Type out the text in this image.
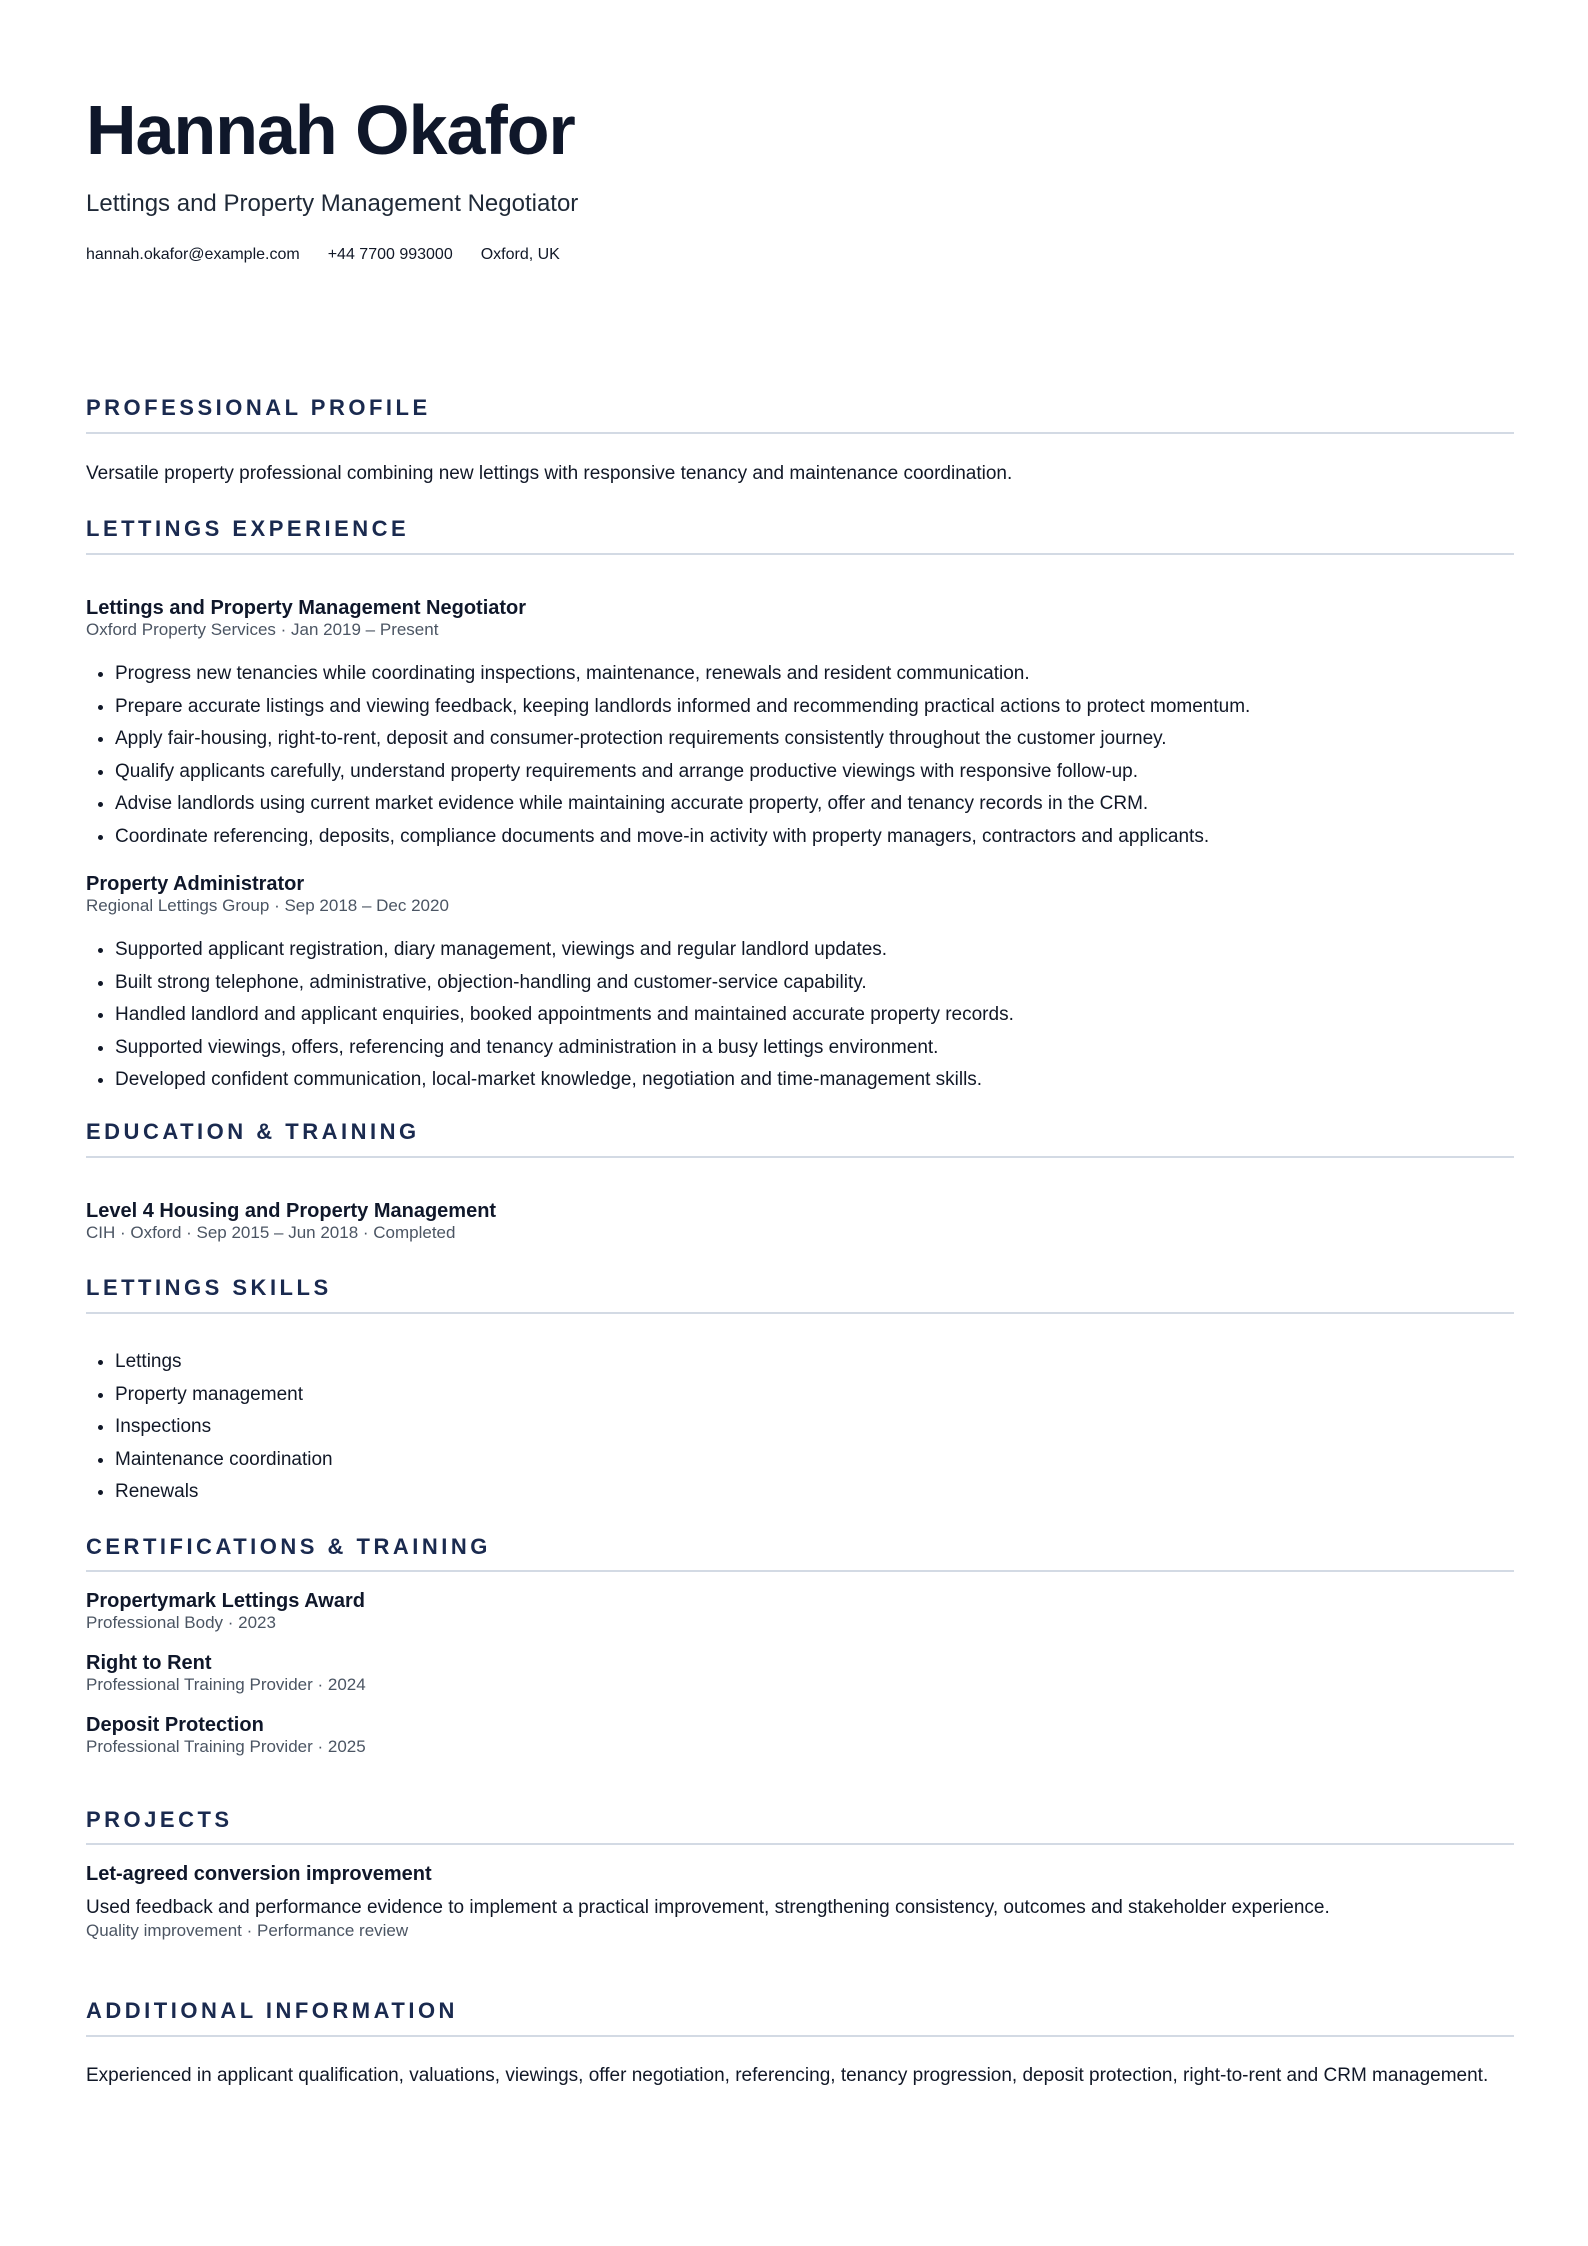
Hannah Okafor
Lettings and Property Management Negotiator
hannah.okafor@example.com +44 7700 993000 Oxford, UK
PROFESSIONAL PROFILE
Versatile property professional combining new lettings with responsive tenancy and maintenance coordination.
LETTINGS EXPERIENCE
Lettings and Property Management Negotiator
Oxford Property Services · Jan 2019 – Present
• Progress new tenancies while coordinating inspections, maintenance, renewals and resident communication.
• Prepare accurate listings and viewing feedback, keeping landlords informed and recommending practical actions to protect momentum.
• Apply fair-housing, right-to-rent, deposit and consumer-protection requirements consistently throughout the customer journey.
• Qualify applicants carefully, understand property requirements and arrange productive viewings with responsive follow-up.
• Advise landlords using current market evidence while maintaining accurate property, offer and tenancy records in the CRM.
• Coordinate referencing, deposits, compliance documents and move-in activity with property managers, contractors and applicants.
Property Administrator
Regional Lettings Group · Sep 2018 – Dec 2020
• Supported applicant registration, diary management, viewings and regular landlord updates.
• Built strong telephone, administrative, objection-handling and customer-service capability.
• Handled landlord and applicant enquiries, booked appointments and maintained accurate property records.
• Supported viewings, offers, referencing and tenancy administration in a busy lettings environment.
• Developed confident communication, local-market knowledge, negotiation and time-management skills.
EDUCATION & TRAINING
Level 4 Housing and Property Management
CIH · Oxford · Sep 2015 – Jun 2018 · Completed
LETTINGS SKILLS
• Lettings
• Property management
• Inspections
• Maintenance coordination
• Renewals
CERTIFICATIONS & TRAINING
Propertymark Lettings Award
Professional Body · 2023
Right to Rent
Professional Training Provider · 2024
Deposit Protection
Professional Training Provider · 2025
PROJECTS
Let-agreed conversion improvement
Used feedback and performance evidence to implement a practical improvement, strengthening consistency, outcomes and stakeholder experience.
Quality improvement · Performance review
ADDITIONAL INFORMATION
Experienced in applicant qualification, valuations, viewings, offer negotiation, referencing, tenancy progression, deposit protection, right-to-rent and CRM management.
